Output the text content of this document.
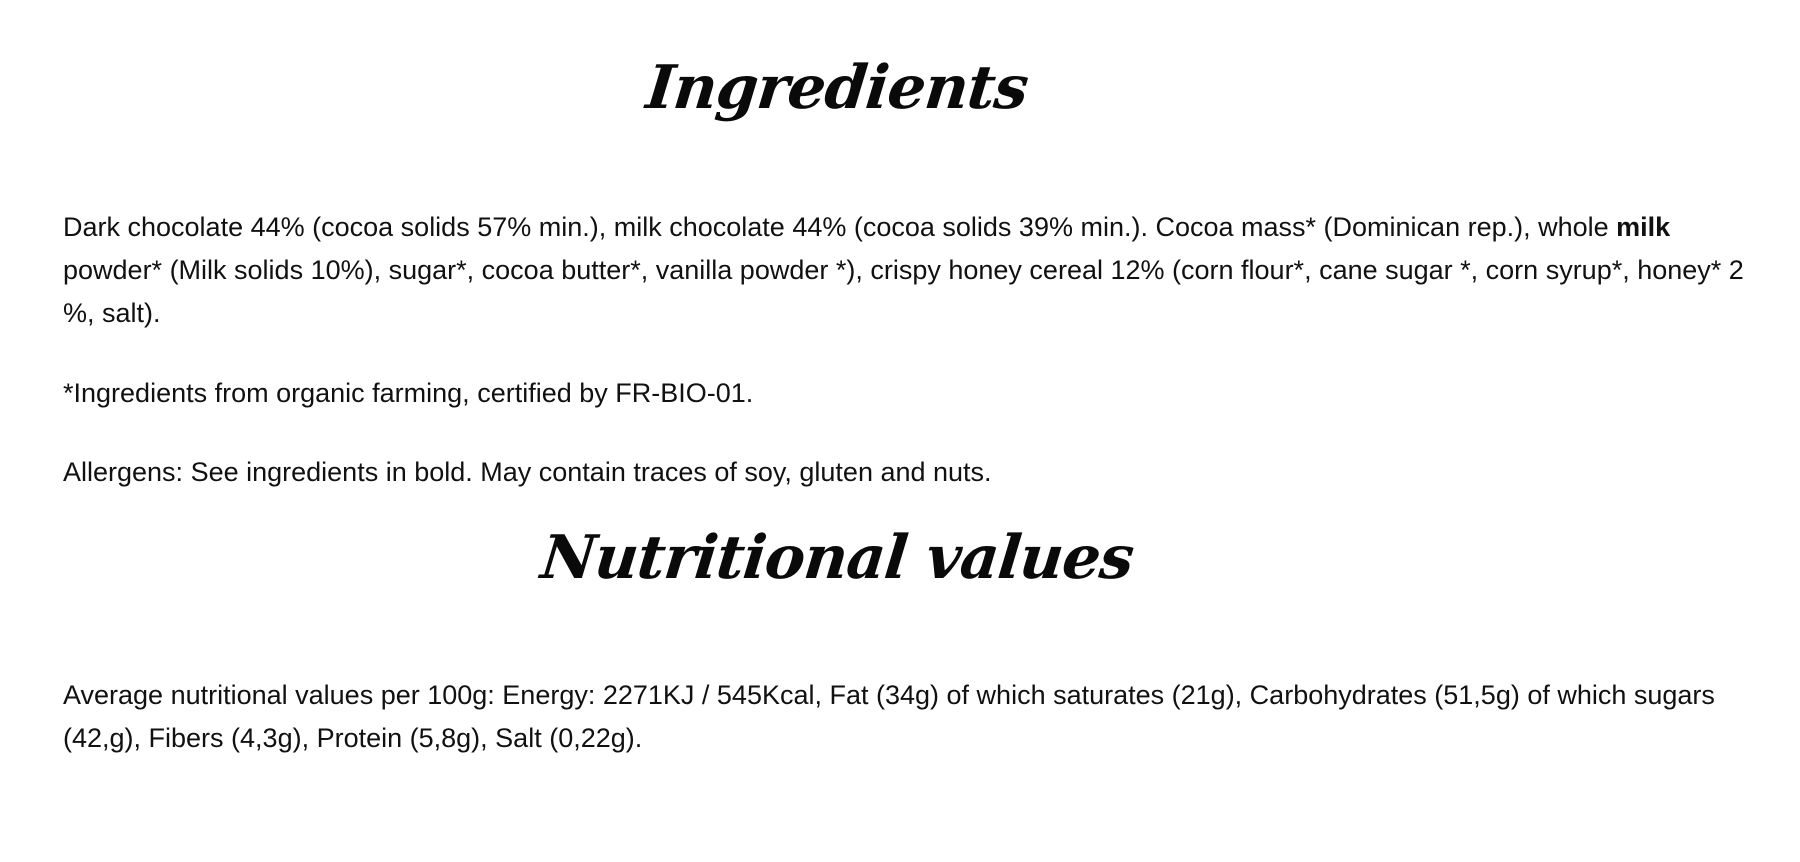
Ingredients

Dark chocolate 44% (cocoa solids 57% min.), milk chocolate 44% (cocoa solids 39% min.). Cocoa mass* (Dominican rep.), whole milk powder* (Milk solids 10%), sugar*, cocoa butter*, vanilla powder *), crispy honey cereal 12% (corn flour*, cane sugar *, corn syrup*, honey* 2 %, salt).

*Ingredients from organic farming, certified by FR-BIO-01.

Allergens: See ingredients in bold. May contain traces of soy, gluten and nuts.

Nutritional values

Average nutritional values per 100g: Energy: 2271KJ / 545Kcal, Fat (34g) of which saturates (21g), Carbohydrates (51,5g) of which sugars (42,g), Fibers (4,3g), Protein (5,8g), Salt (0,22g).
